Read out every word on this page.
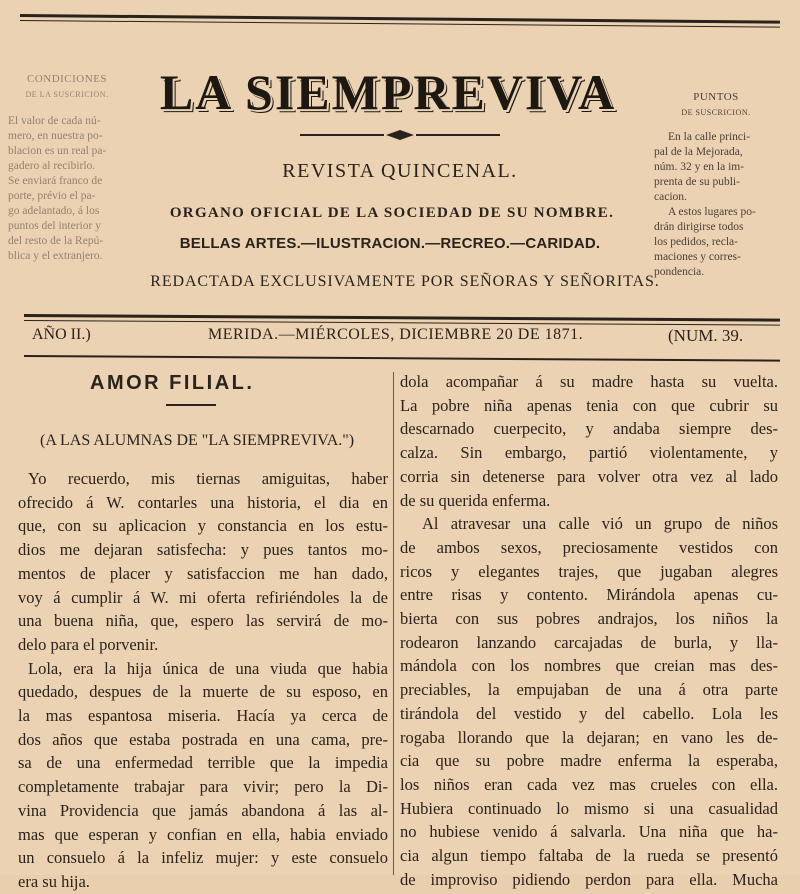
CONDICIONES
DE LA SUSCRICION.

El valor de cada nú-

mero, en nuestra po-

blacion es un real pa-

gadero al recibirlo.

Se enviará franco de

porte, prévio el pa-

go adelantado, á los

puntos del interior y

del resto de la Repú-

blica y el extranjero.

PUNTOS
DE SUSCRICION.

En la calle princi-

pal de la Mejorada,

núm. 32 y en la im-

prenta de su publi-

cacion.

A estos lugares po-

drán dirigirse todos

los pedidos, recla-

maciones y corres-

pondencia.

LA SIEMPREVIVA
REVISTA QUINCENAL.
ORGANO OFICIAL DE LA SOCIEDAD DE SU NOMBRE.
BELLAS ARTES.—ILUSTRACION.—RECREO.—CARIDAD.
REDACTADA EXCLUSIVAMENTE POR SEÑORAS Y SEÑORITAS.
AÑO II.)	MERIDA.—MIÉRCOLES, DICIEMBRE 20 DE 1871.	(NUM. 39.
AMOR FILIAL.
(A LAS ALUMNAS DE "LA SIEMPREVIVA.")

Yo recuerdo, mis tiernas amiguitas, haber

ofrecido á W. contarles una historia, el dia en

que, con su aplicacion y constancia en los estu-

dios me dejaran satisfecha: y pues tantos mo-

mentos de placer y satisfaccion me han dado,

voy á cumplir á W. mi oferta refiriéndoles la de

una buena niña, que, espero las servirá de mo-

delo para el porvenir.

Lola, era la hija única de una viuda que habia

quedado, despues de la muerte de su esposo, en

la mas espantosa miseria. Hacía ya cerca de

dos años que estaba postrada en una cama, pre-

sa de una enfermedad terrible que la impedia

completamente trabajar para vivir; pero la Di-

vina Providencia que jamás abandona á las al-

mas que esperan y confian en ella, habia enviado

un consuelo á la infeliz mujer: y este consuelo

era su hija.

dola acompañar á su madre hasta su vuelta.

La pobre niña apenas tenia con que cubrir su

descarnado cuerpecito, y andaba siempre des-

calza. Sin embargo, partió violentamente, y

corria sin detenerse para volver otra vez al lado

de su querida enferma.

Al atravesar una calle vió un grupo de niños

de ambos sexos, preciosamente vestidos con

ricos y elegantes trajes, que jugaban alegres

entre risas y contento. Mirándola apenas cu-

bierta con sus pobres andrajos, los niños la

rodearon lanzando carcajadas de burla, y lla-

mándola con los nombres que creian mas des-

preciables, la empujaban de una á otra parte

tirándola del vestido y del cabello. Lola les

rogaba llorando que la dejaran; en vano les de-

cia que su pobre madre enferma la esperaba,

los niños eran cada vez mas crueles con ella.

Hubiera continuado lo mismo si una casualidad

no hubiese venido á salvarla. Una niña que ha-

cia algun tiempo faltaba de la rueda se presentó

de improviso pidiendo perdon para ella. Mucha
